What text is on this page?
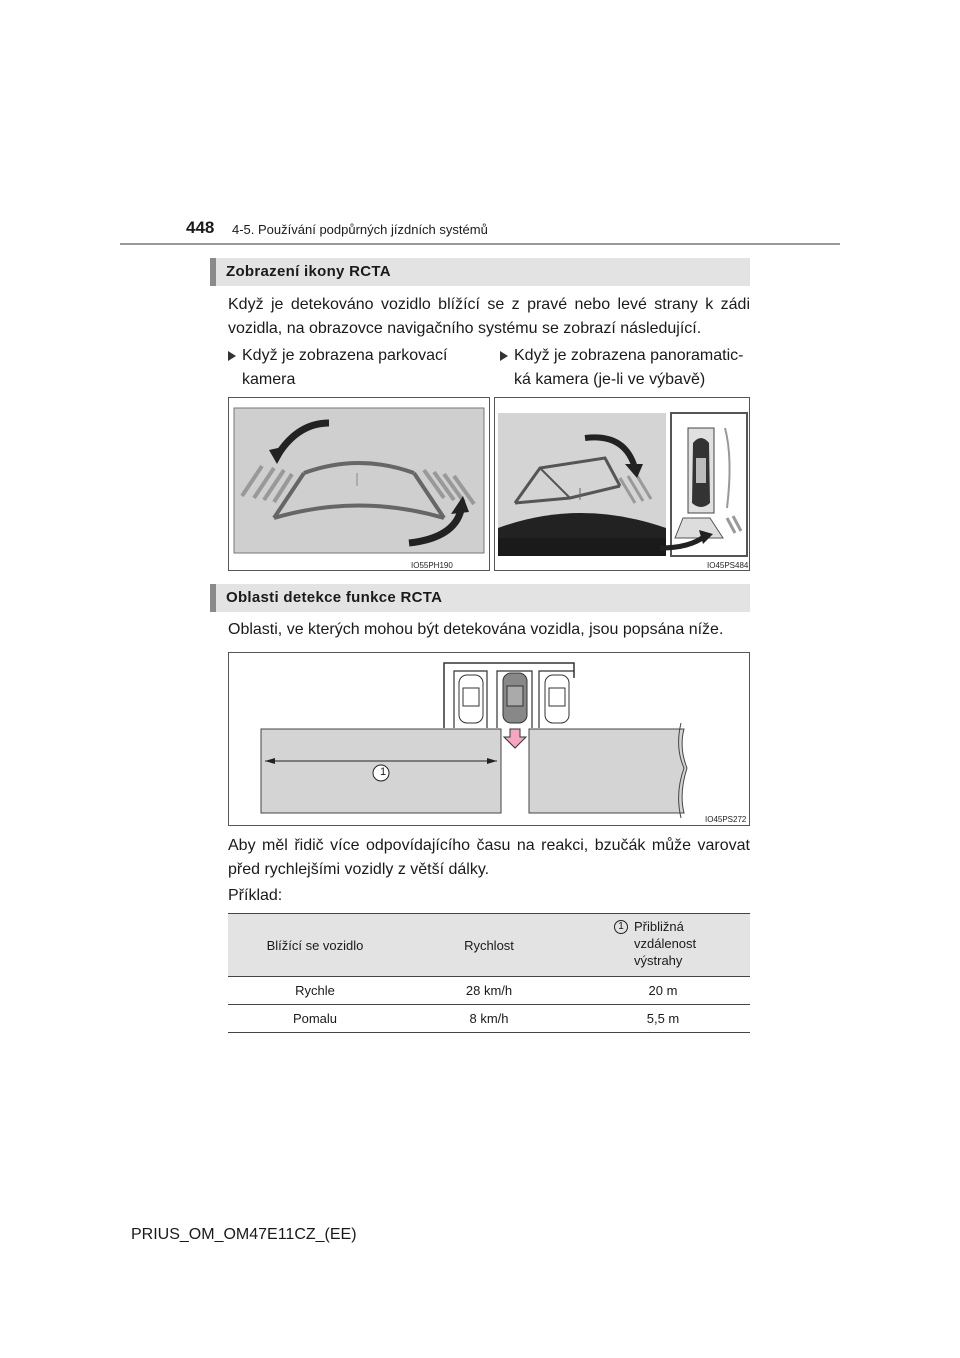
448 4-5. Používání podpůrných jízdních systémů
Zobrazení ikony RCTA
Když je detekováno vozidlo blížící se z pravé nebo levé strany k zádi vozidla, na obrazovce navigačního systému se zobrazí následující.
Když je zobrazena parkovací
kamera
Když je zobrazena panoramatic-
ká kamera (je-li ve výbavě)
IO55PH190	IO45PS484
Oblasti detekce funkce RCTA
Oblasti, ve kterých mohou být detekována vozidla, jsou popsána níže.
1
IO45PS272
Aby měl řidič více odpovídajícího času na reakci, bzučák může varovat před rychlejšími vozidly z větší dálky.
Příklad:
Blížící se vozidlo	Rychlost	1 Přibližná vzdálenost výstrahy

Rychle	28 km/h	20 m
Pomalu	8 km/h	5,5 m
PRIUS_OM_OM47E11CZ_(EE)
